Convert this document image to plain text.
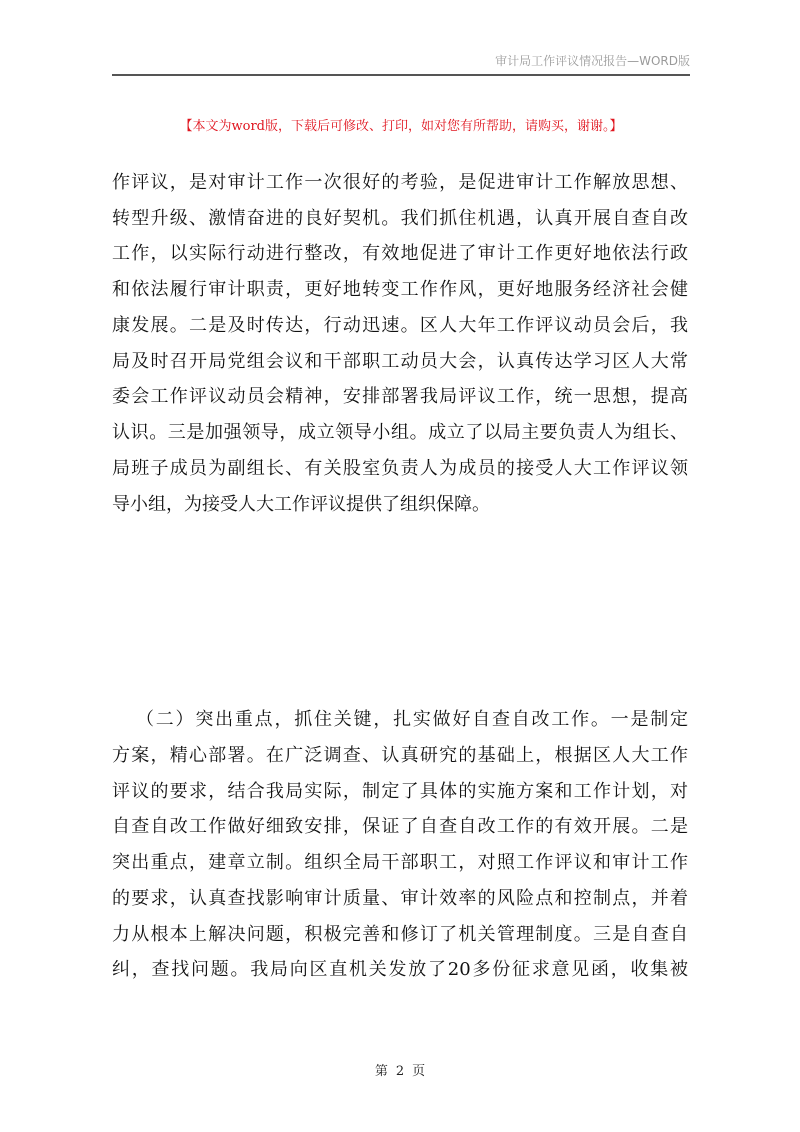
审计局工作评议情况报告—WORD版
【本文为word版，下载后可修改、打印，如对您有所帮助，请购买，谢谢。】
作评议，是对审计工作一次很好的考验，是促进审计工作解放思想、
转型升级、激情奋进的良好契机。我们抓住机遇，认真开展自查自改
工作，以实际行动进行整改，有效地促进了审计工作更好地依法行政
和依法履行审计职责，更好地转变工作作风，更好地服务经济社会健
康发展。二是及时传达，行动迅速。区人大年工作评议动员会后，我
局及时召开局党组会议和干部职工动员大会，认真传达学习区人大常
委会工作评议动员会精神，安排部署我局评议工作，统一思想，提高
认识。三是加强领导，成立领导小组。成立了以局主要负责人为组长、
局班子成员为副组长、有关股室负责人为成员的接受人大工作评议领
导小组，为接受人大工作评议提供了组织保障。
（二）突出重点，抓住关键，扎实做好自查自改工作。一是制定
方案，精心部署。在广泛调查、认真研究的基础上，根据区人大工作
评议的要求，结合我局实际，制定了具体的实施方案和工作计划，对
自查自改工作做好细致安排，保证了自查自改工作的有效开展。二是
突出重点，建章立制。组织全局干部职工，对照工作评议和审计工作
的要求，认真查找影响审计质量、审计效率的风险点和控制点，并着
力从根本上解决问题，积极完善和修订了机关管理制度。三是自查自
纠，查找问题。我局向区直机关发放了20多份征求意见函，收集被
第 2 页
